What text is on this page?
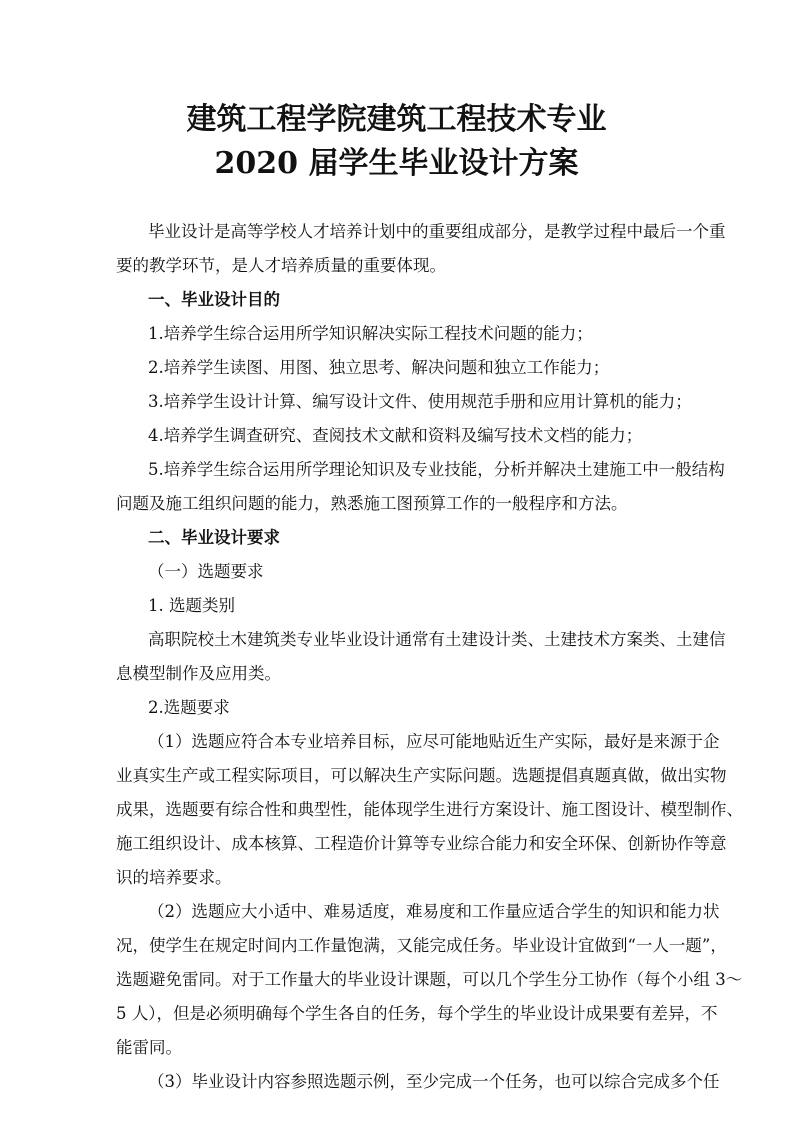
建筑工程学院建筑工程技术专业
2020 届学生毕业设计方案
毕业设计是高等学校人才培养计划中的重要组成部分，是教学过程中最后一个重
要的教学环节，是人才培养质量的重要体现。
一、毕业设计目的
1.培养学生综合运用所学知识解决实际工程技术问题的能力；
2.培养学生读图、用图、独立思考、解决问题和独立工作能力；
3.培养学生设计计算、编写设计文件、使用规范手册和应用计算机的能力；
4.培养学生调查研究、查阅技术文献和资料及编写技术文档的能力；
5.培养学生综合运用所学理论知识及专业技能，分析并解决土建施工中一般结构
问题及施工组织问题的能力，熟悉施工图预算工作的一般程序和方法。
二、毕业设计要求
（一）选题要求
1. 选题类别
高职院校土木建筑类专业毕业设计通常有土建设计类、土建技术方案类、土建信
息模型制作及应用类。
2.选题要求
（1）选题应符合本专业培养目标，应尽可能地贴近生产实际，最好是来源于企
业真实生产或工程实际项目，可以解决生产实际问题。选题提倡真题真做，做出实物
成果，选题要有综合性和典型性，能体现学生进行方案设计、施工图设计、模型制作、
施工组织设计、成本核算、工程造价计算等专业综合能力和安全环保、创新协作等意
识的培养要求。
（2）选题应大小适中、难易适度，难易度和工作量应适合学生的知识和能力状
况，使学生在规定时间内工作量饱满，又能完成任务。毕业设计宜做到“一人一题”，
选题避免雷同。对于工作量大的毕业设计课题，可以几个学生分工协作（每个小组 3～
5 人），但是必须明确每个学生各自的任务，每个学生的毕业设计成果要有差异，不
能雷同。
（3）毕业设计内容参照选题示例，至少完成一个任务，也可以综合完成多个任
